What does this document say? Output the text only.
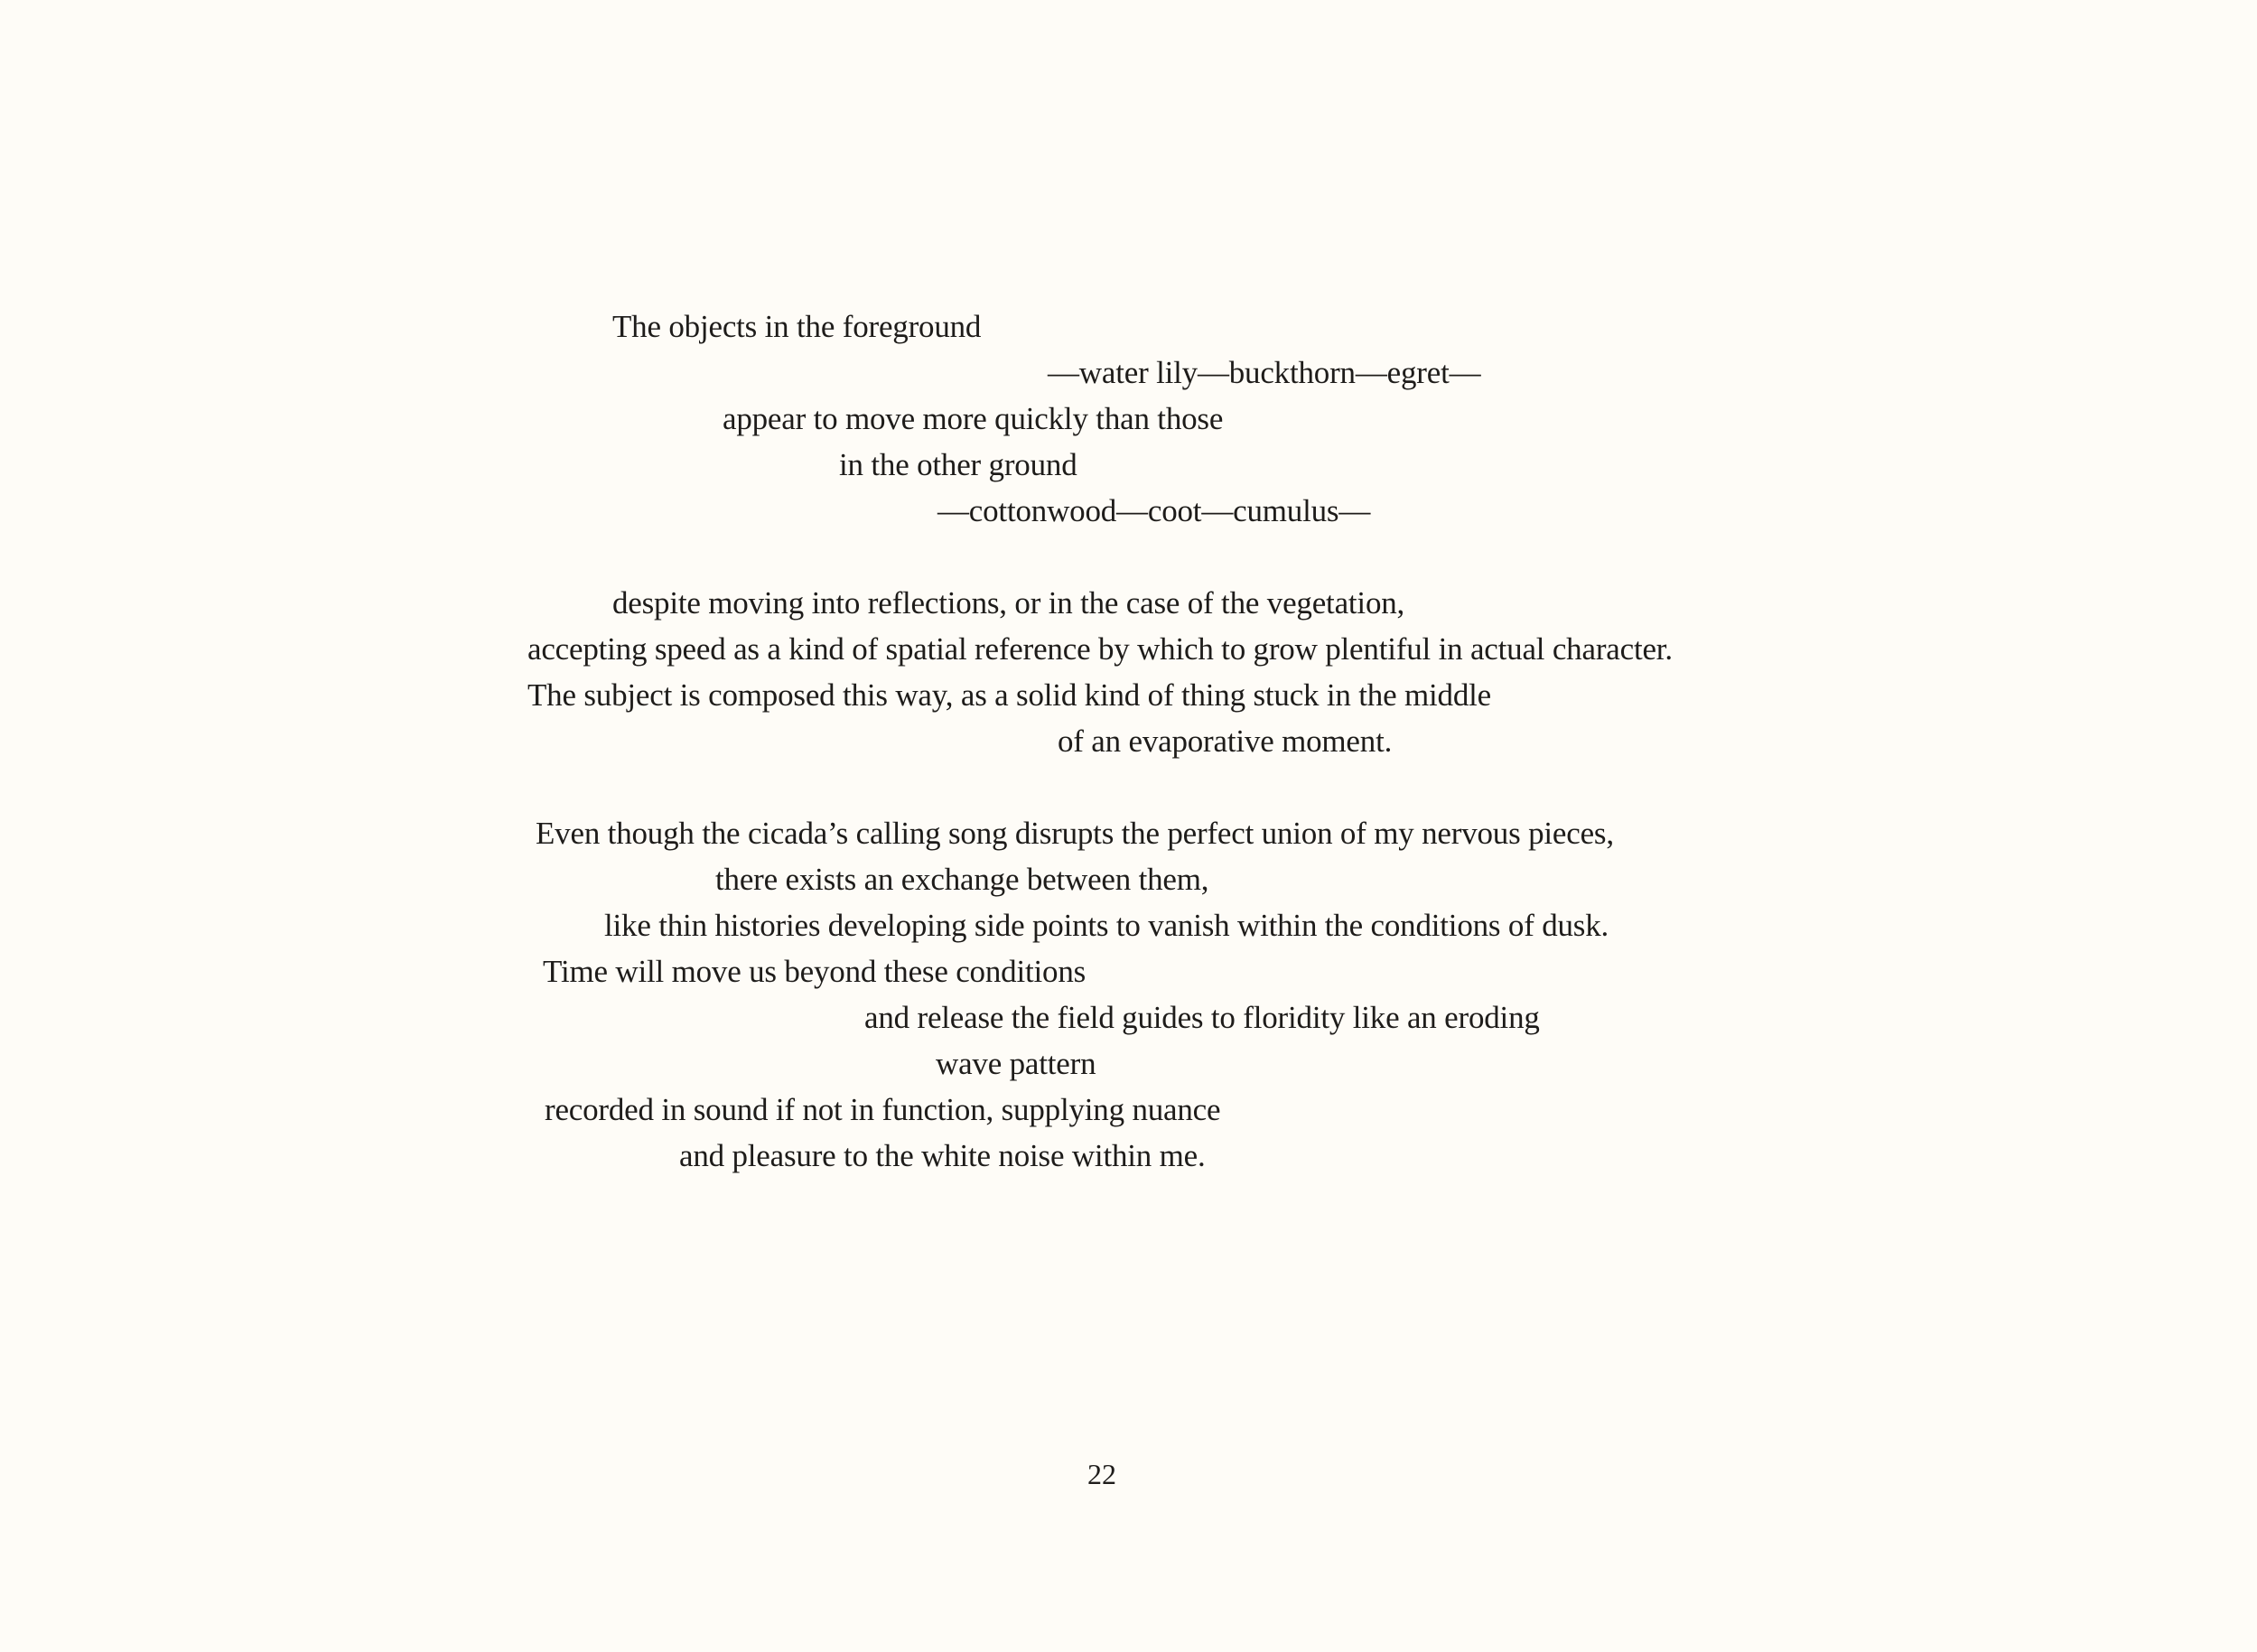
The objects in the foreground
—water lily—buckthorn—egret—
appear to move more quickly than those
in the other ground
—cottonwood—coot—cumulus—
despite moving into reflections, or in the case of the vegetation,
accepting speed as a kind of spatial reference by which to grow plentiful in actual character.
The subject is composed this way, as a solid kind of thing stuck in the middle
of an evaporative moment.
Even though the cicada’s calling song disrupts the perfect union of my nervous pieces,
there exists an exchange between them,
like thin histories developing side points to vanish within the conditions of dusk.
Time will move us beyond these conditions
and release the field guides to floridity like an eroding
wave pattern
recorded in sound if not in function, supplying nuance
and pleasure to the white noise within me.
22
